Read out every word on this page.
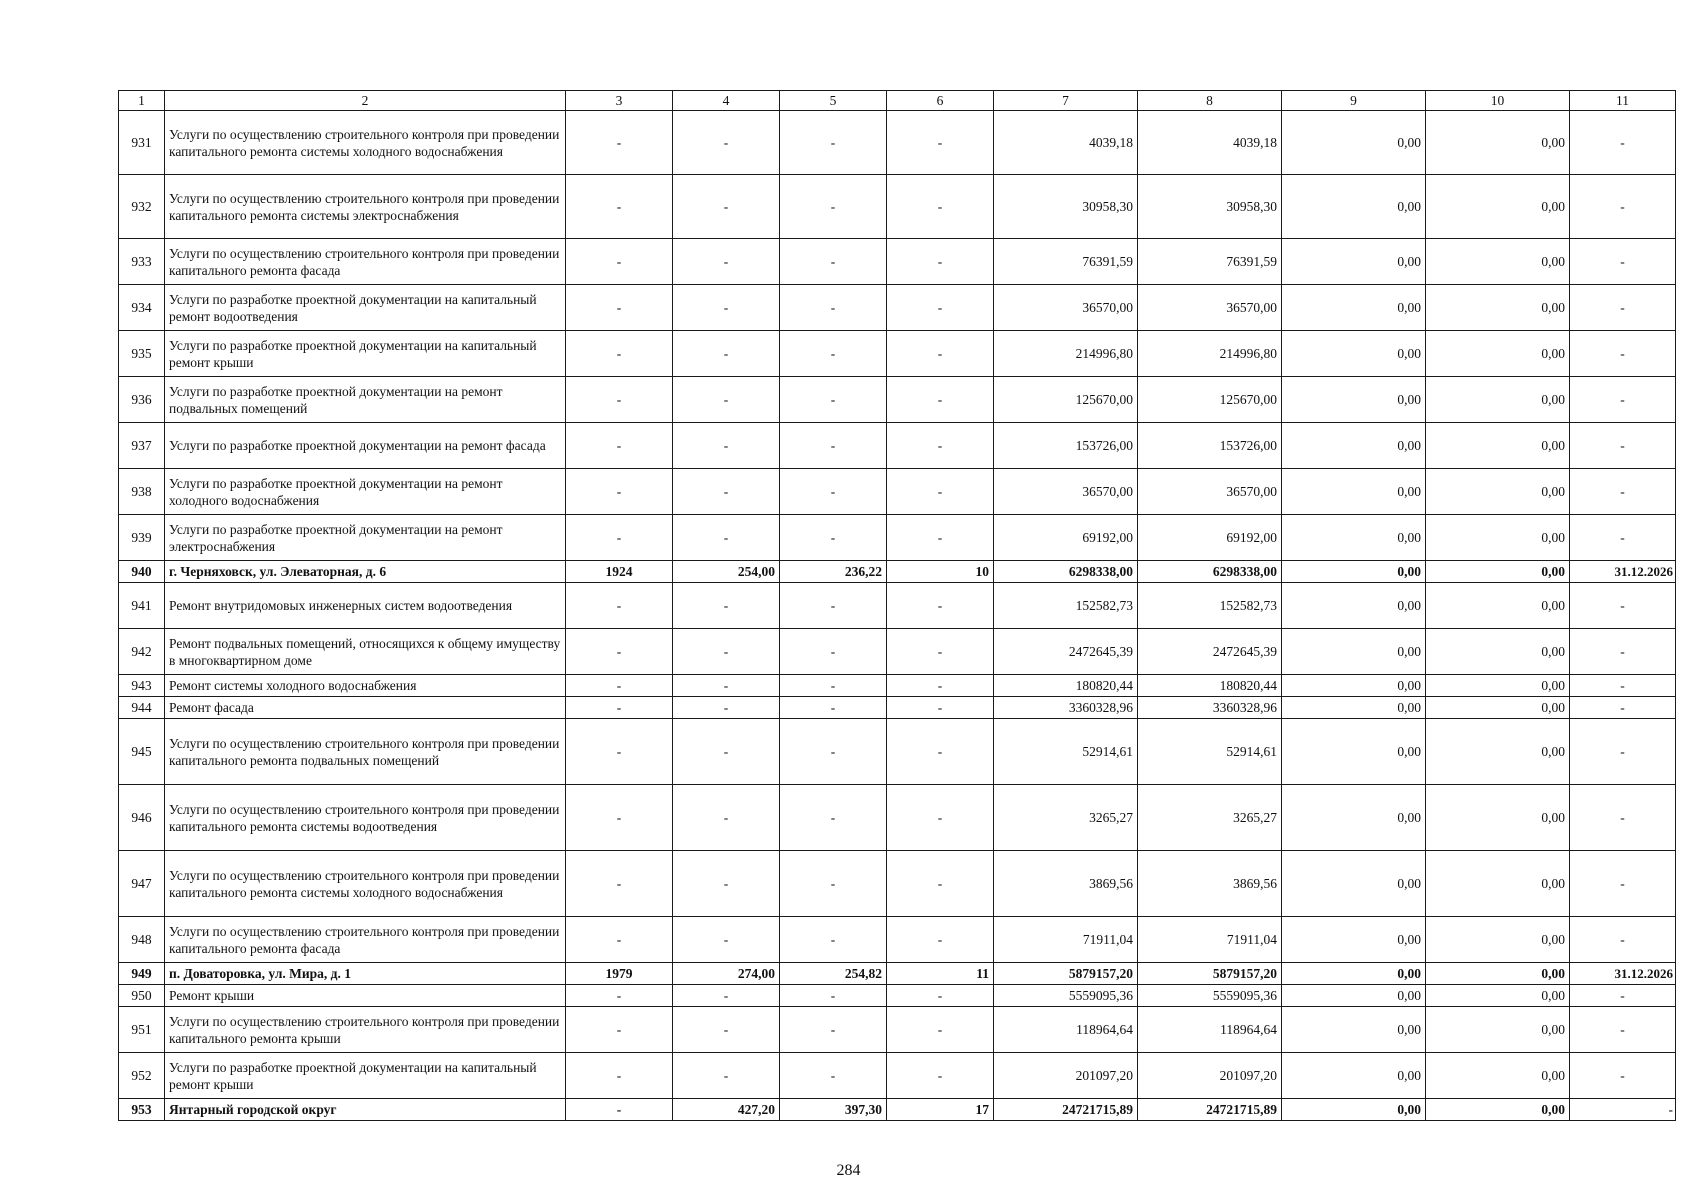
1	2	3	4	5	6	7	8	9	10	11
931	Услуги по осуществлению строительного контроля при проведении капитального ремонта системы холодного водоснабжения	-	-	-	-	4039,18	4039,18	0,00	0,00	-
932	Услуги по осуществлению строительного контроля при проведении капитального ремонта системы электроснабжения	-	-	-	-	30958,30	30958,30	0,00	0,00	-
933	Услуги по осуществлению строительного контроля при проведении капитального ремонта фасада	-	-	-	-	76391,59	76391,59	0,00	0,00	-
934	Услуги по разработке проектной документации на капитальный ремонт водоотведения	-	-	-	-	36570,00	36570,00	0,00	0,00	-
935	Услуги по разработке проектной документации на капитальный ремонт крыши	-	-	-	-	214996,80	214996,80	0,00	0,00	-
936	Услуги по разработке проектной документации на ремонт подвальных помещений	-	-	-	-	125670,00	125670,00	0,00	0,00	-
937	Услуги по разработке проектной документации на ремонт фасада	-	-	-	-	153726,00	153726,00	0,00	0,00	-
938	Услуги по разработке проектной документации на ремонт холодного водоснабжения	-	-	-	-	36570,00	36570,00	0,00	0,00	-
939	Услуги по разработке проектной документации на ремонт электроснабжения	-	-	-	-	69192,00	69192,00	0,00	0,00	-
940	г. Черняховск, ул. Элеваторная, д. 6	1924	254,00	236,22	10	6298338,00	6298338,00	0,00	0,00	31.12.2026
941	Ремонт внутридомовых инженерных систем водоотведения	-	-	-	-	152582,73	152582,73	0,00	0,00	-
942	Ремонт подвальных помещений, относящихся к общему имуществу в многоквартирном доме	-	-	-	-	2472645,39	2472645,39	0,00	0,00	-
943	Ремонт системы холодного водоснабжения	-	-	-	-	180820,44	180820,44	0,00	0,00	-
944	Ремонт фасада	-	-	-	-	3360328,96	3360328,96	0,00	0,00	-
945	Услуги по осуществлению строительного контроля при проведении капитального ремонта подвальных помещений	-	-	-	-	52914,61	52914,61	0,00	0,00	-
946	Услуги по осуществлению строительного контроля при проведении капитального ремонта системы водоотведения	-	-	-	-	3265,27	3265,27	0,00	0,00	-
947	Услуги по осуществлению строительного контроля при проведении капитального ремонта системы холодного водоснабжения	-	-	-	-	3869,56	3869,56	0,00	0,00	-
948	Услуги по осуществлению строительного контроля при проведении капитального ремонта фасада	-	-	-	-	71911,04	71911,04	0,00	0,00	-
949	п. Доваторовка, ул. Мира, д. 1	1979	274,00	254,82	11	5879157,20	5879157,20	0,00	0,00	31.12.2026
950	Ремонт крыши	-	-	-	-	5559095,36	5559095,36	0,00	0,00	-
951	Услуги по осуществлению строительного контроля при проведении капитального ремонта крыши	-	-	-	-	118964,64	118964,64	0,00	0,00	-
952	Услуги по разработке проектной документации на капитальный ремонт крыши	-	-	-	-	201097,20	201097,20	0,00	0,00	-
953	Янтарный городской округ	-	427,20	397,30	17	24721715,89	24721715,89	0,00	0,00	-
284
